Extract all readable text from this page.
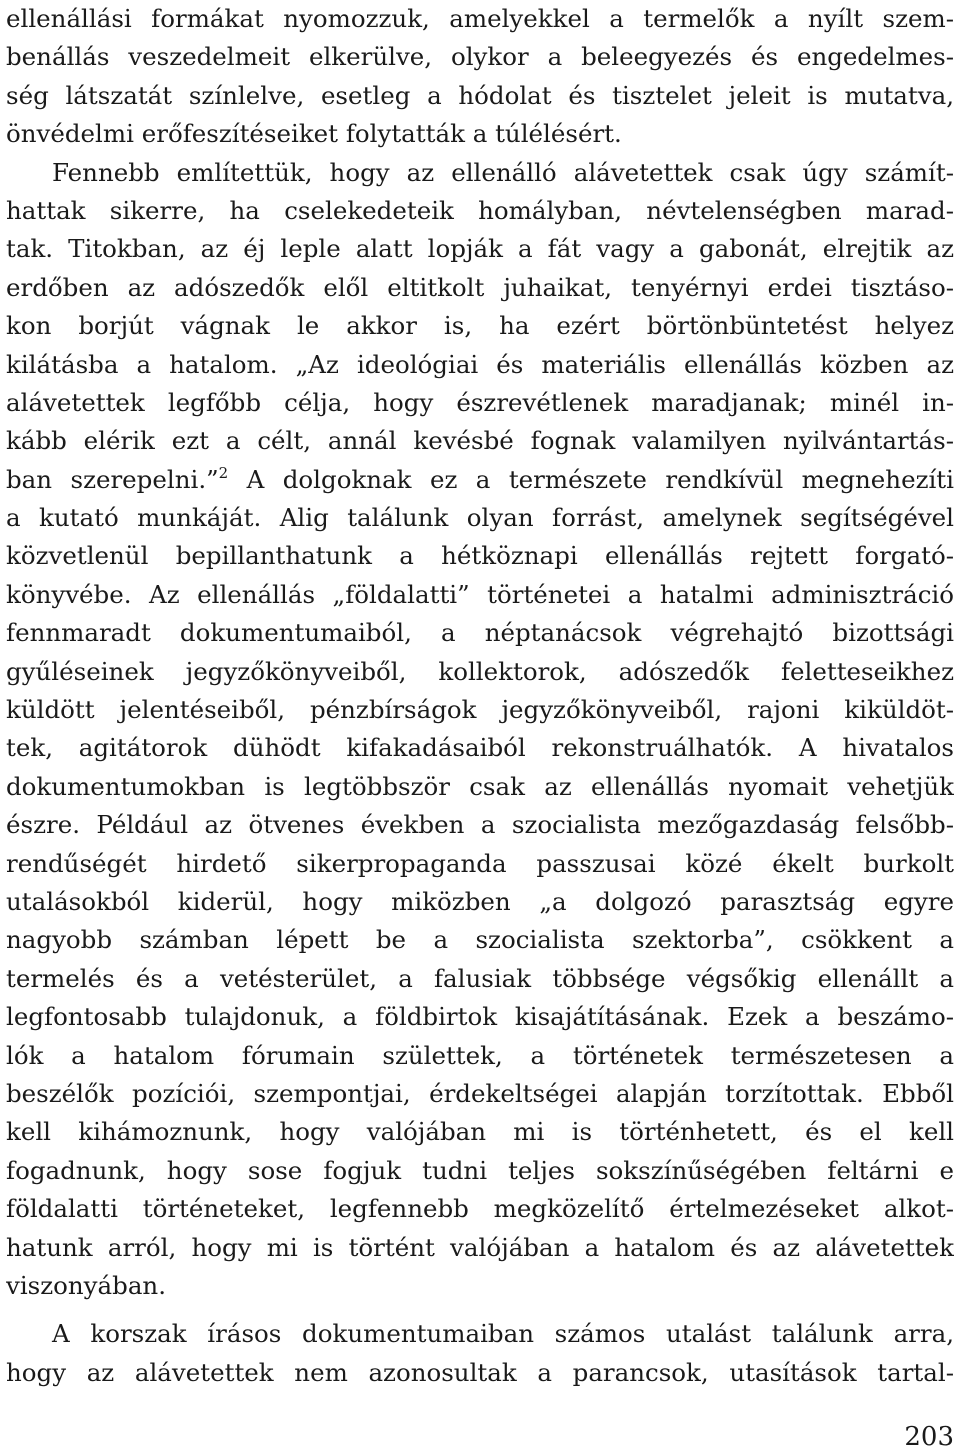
ellenállási formákat nyomozzuk, amelyekkel a termelők a nyílt szem-
benállás veszedelmeit elkerülve, olykor a beleegyezés és engedelmes-
ség látszatát színlelve, esetleg a hódolat és tisztelet jeleit is mutatva,
önvédelmi erőfeszítéseiket folytatták a túlélésért.
Fennebb említettük, hogy az ellenálló alávetettek csak úgy számít-
hattak sikerre, ha cselekedeteik homályban, névtelenségben marad-
tak. Titokban, az éj leple alatt lopják a fát vagy a gabonát, elrejtik az
erdőben az adószedők elől eltitkolt juhaikat, tenyérnyi erdei tisztáso-
kon borjút vágnak le akkor is, ha ezért börtönbüntetést helyez
kilátásba a hatalom. „Az ideológiai és materiális ellenállás közben az
alávetettek legfőbb célja, hogy észrevétlenek maradjanak; minél in-
kább elérik ezt a célt, annál kevésbé fognak valamilyen nyilvántartás-
ban szerepelni.”$^2$ A dolgoknak ez a természete rendkívül megnehezíti
a kutató munkáját. Alig találunk olyan forrást, amelynek segítségével
közvetlenül bepillanthatunk a hétköznapi ellenállás rejtett forgató-
könyvébe. Az ellenállás „földalatti” történetei a hatalmi adminisztráció
fennmaradt dokumentumaiból, a néptanácsok végrehajtó bizottsági
gyűléseinek jegyzőkönyveiből, kollektorok, adószedők feletteseikhez
küldött jelentéseiből, pénzbírságok jegyzőkönyveiből, rajoni kiküldöt-
tek, agitátorok dühödt kifakadásaiból rekonstruálhatók. A hivatalos
dokumentumokban is legtöbbször csak az ellenállás nyomait vehetjük
észre. Például az ötvenes években a szocialista mezőgazdaság felsőbb-
rendűségét hirdető sikerpropaganda passzusai közé ékelt burkolt
utalásokból kiderül, hogy miközben „a dolgozó parasztság egyre
nagyobb számban lépett be a szocialista szektorba”, csökkent a
termelés és a vetésterület, a falusiak többsége végsőkig ellenállt a
legfontosabb tulajdonuk, a földbirtok kisajátításának. Ezek a beszámo-
lók a hatalom fórumain születtek, a történetek természetesen a
beszélők pozíciói, szempontjai, érdekeltségei alapján torzítottak. Ebből
kell kihámoznunk, hogy valójában mi is történhetett, és el kell
fogadnunk, hogy sose fogjuk tudni teljes sokszínűségében feltárni e
földalatti történeteket, legfennebb megközelítő értelmezéseket alkot-
hatunk arról, hogy mi is történt valójában a hatalom és az alávetettek
viszonyában.
A korszak írásos dokumentumaiban számos utalást találunk arra,
hogy az alávetettek nem azonosultak a parancsok, utasítások tartal-
203
